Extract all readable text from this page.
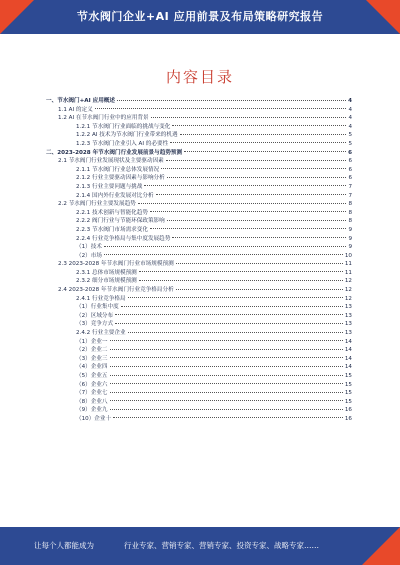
节水阀门企业+AI 应用前景及布局策略研究报告
内容目录
一、节水阀门+AI 应用概述	4
1.1 AI 的定义	4
1.2 AI 在节水阀门行业中的应用背景	4
1.2.1 节水阀门行业面临的挑战与变化	4
1.2.2 AI 技术为节水阀门行业带来的机遇	5
1.2.3 节水阀门企业引入 AI 的必要性	5
二、2023-2028 年节水阀门行业发展前景与趋势预测	6
2.1 节水阀门行业发展现状及主要驱动因素	6
2.1.1 节水阀门行业总体发展情况	6
2.1.2 行业主要驱动因素与影响分析	6
2.1.3 行业主要问题与挑战	7
2.1.4 国内外行业发展对比分析	7
2.2 节水阀门行业主要发展趋势	8
2.2.1 技术创新与智能化趋势	8
2.2.2 阀门行业与节能环保政策影响	8
2.2.3 节水阀门市场需求变化	9
2.2.4 行业竞争格局与集中度发展趋势	9
（1）技术	9
（2）市场	10
2.3 2023-2028 年节水阀门行业市场规模预测	11
2.3.1 总体市场规模预测	11
2.3.2 细分市场规模预测	12
2.4 2023-2028 年节水阀门行业竞争格局分析	12
2.4.1 行业竞争格局	12
（1）行业集中度	13
（2）区域分布	13
（3）竞争方式	13
2.4.2 行业主要企业	13
（1）企业一	14
（2）企业二	14
（3）企业三	14
（4）企业四	14
（5）企业五	15
（6）企业六	15
（7）企业七	15
（8）企业八	15
（9）企业九	16
（10）企业十	16
让每个人都能成为	行业专家、营销专家、营销专家、投资专家、战略专家……
